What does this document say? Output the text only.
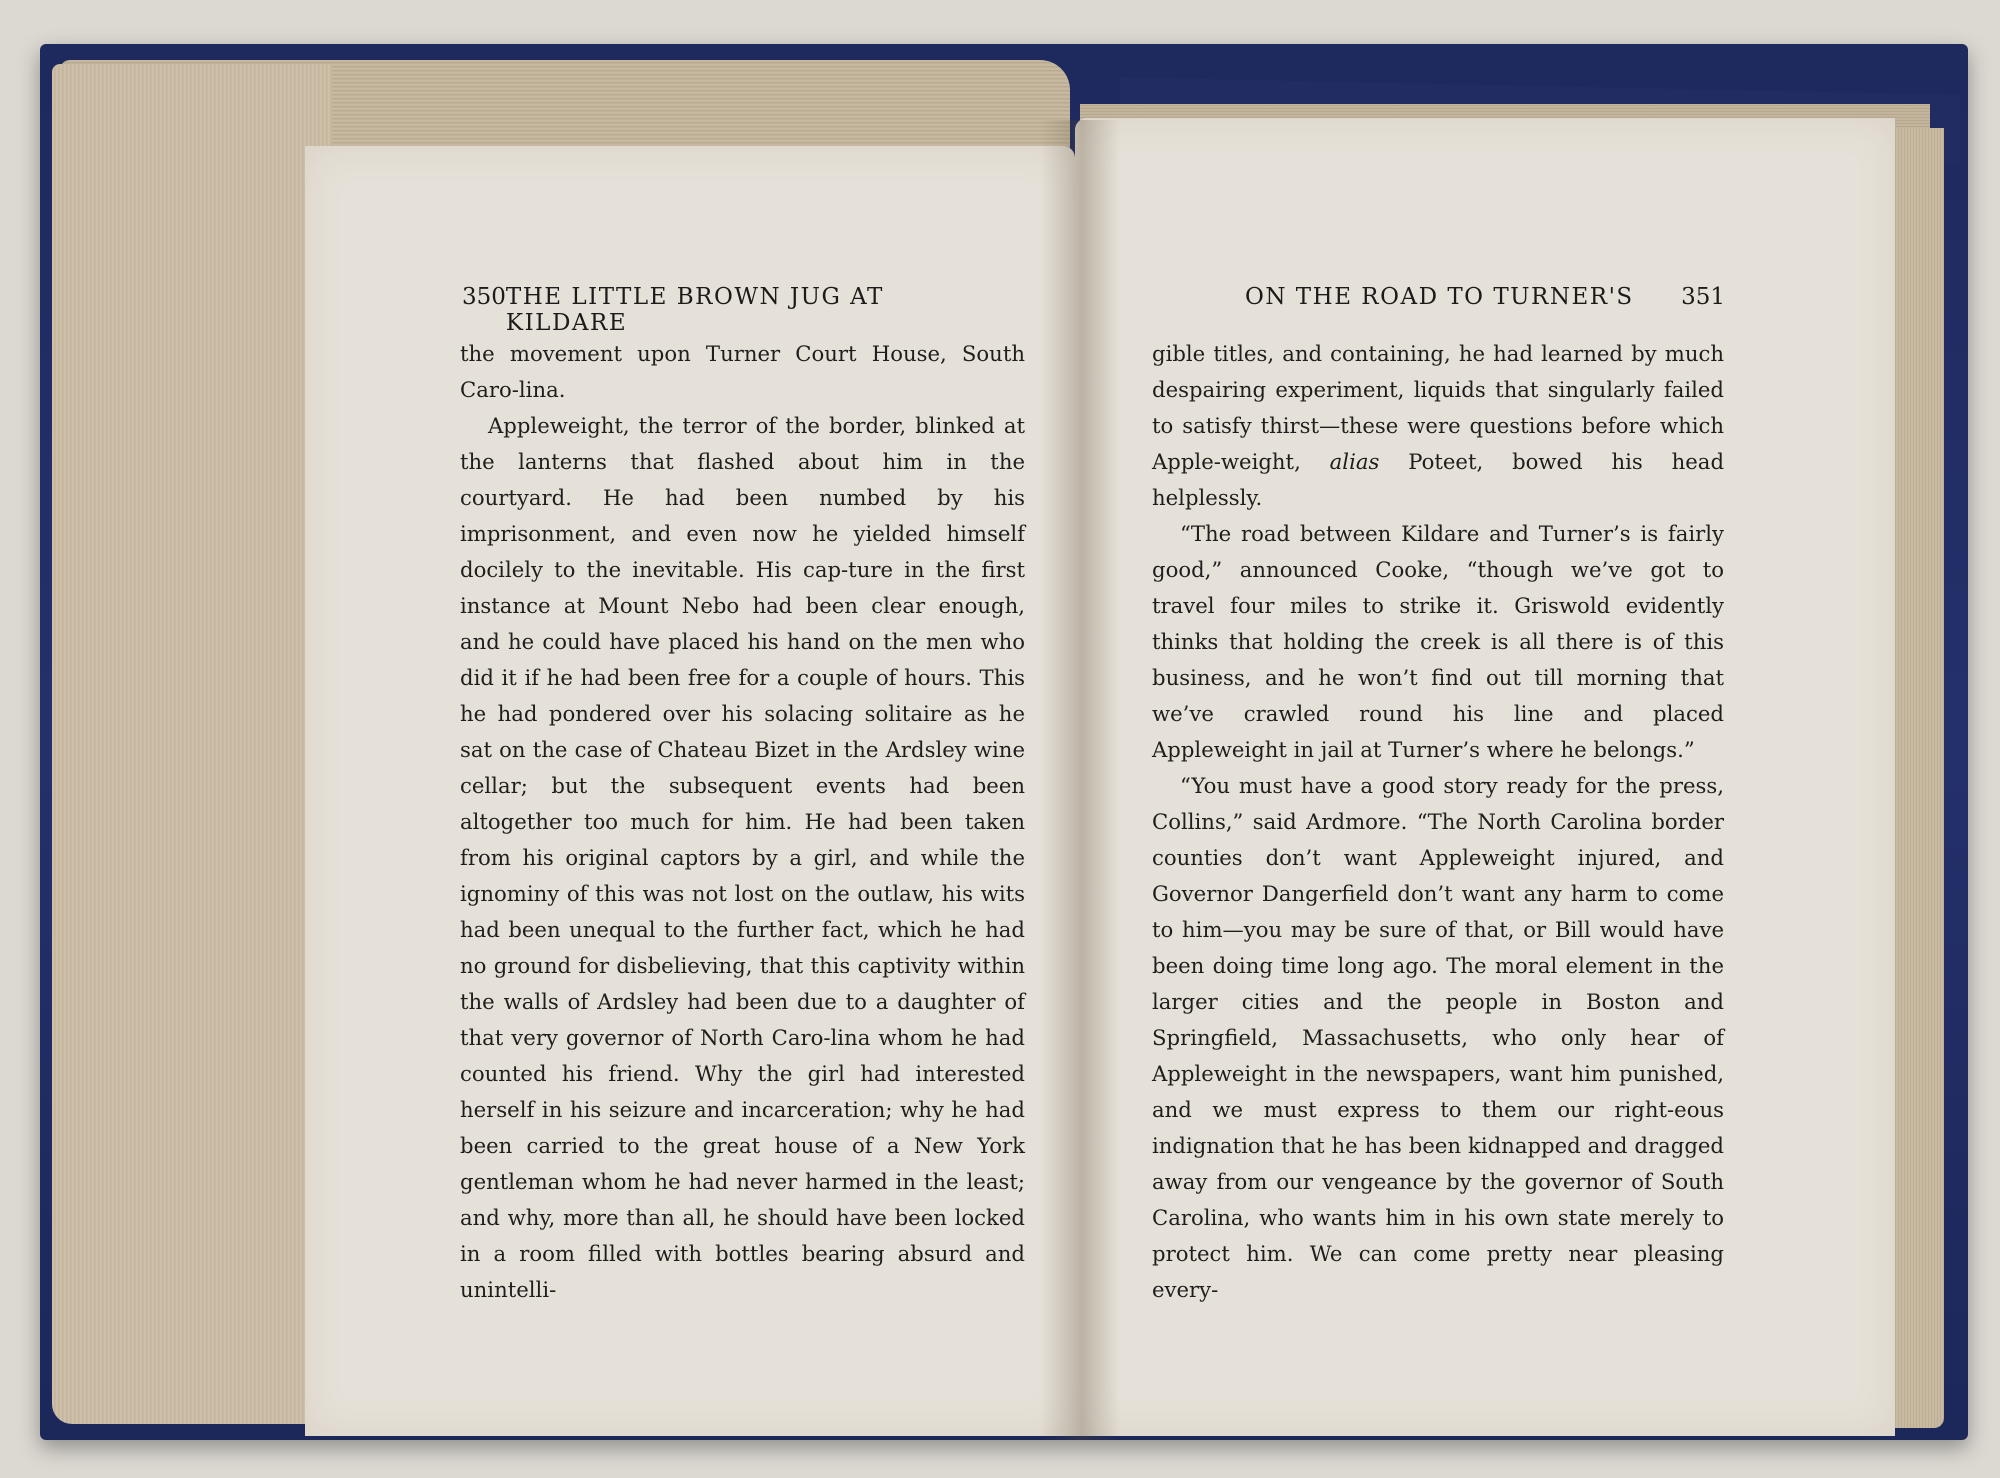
350 THE LITTLE BROWN JUG AT KILDARE
ON THE ROAD TO TURNER'S 351

the movement upon Turner Court House, South Caro-lina.

Appleweight, the terror of the border, blinked at the lanterns that flashed about him in the courtyard. He had been numbed by his imprisonment, and even now he yielded himself docilely to the inevitable. His cap-ture in the first instance at Mount Nebo had been clear enough, and he could have placed his hand on the men who did it if he had been free for a couple of hours. This he had pondered over his solacing solitaire as he sat on the case of Chateau Bizet in the Ardsley wine cellar; but the subsequent events had been altogether too much for him. He had been taken from his original captors by a girl, and while the ignominy of this was not lost on the outlaw, his wits had been unequal to the further fact, which he had no ground for disbelieving, that this captivity within the walls of Ardsley had been due to a daughter of that very governor of North Caro-lina whom he had counted his friend. Why the girl had interested herself in his seizure and incarceration; why he had been carried to the great house of a New York gentleman whom he had never harmed in the least; and why, more than all, he should have been locked in a room filled with bottles bearing absurd and unintelli-

gible titles, and containing, he had learned by much despairing experiment, liquids that singularly failed to satisfy thirst—these were questions before which Apple-weight, alias Poteet, bowed his head helplessly.

“The road between Kildare and Turner’s is fairly good,” announced Cooke, “though we’ve got to travel four miles to strike it. Griswold evidently thinks that holding the creek is all there is of this business, and he won’t find out till morning that we’ve crawled round his line and placed Appleweight in jail at Turner’s where he belongs.”

“You must have a good story ready for the press, Collins,” said Ardmore. “The North Carolina border counties don’t want Appleweight injured, and Governor Dangerfield don’t want any harm to come to him—you may be sure of that, or Bill would have been doing time long ago. The moral element in the larger cities and the people in Boston and Springfield, Massachusetts, who only hear of Appleweight in the newspapers, want him punished, and we must express to them our right-eous indignation that he has been kidnapped and dragged away from our vengeance by the governor of South Carolina, who wants him in his own state merely to protect him. We can come pretty near pleasing every-
